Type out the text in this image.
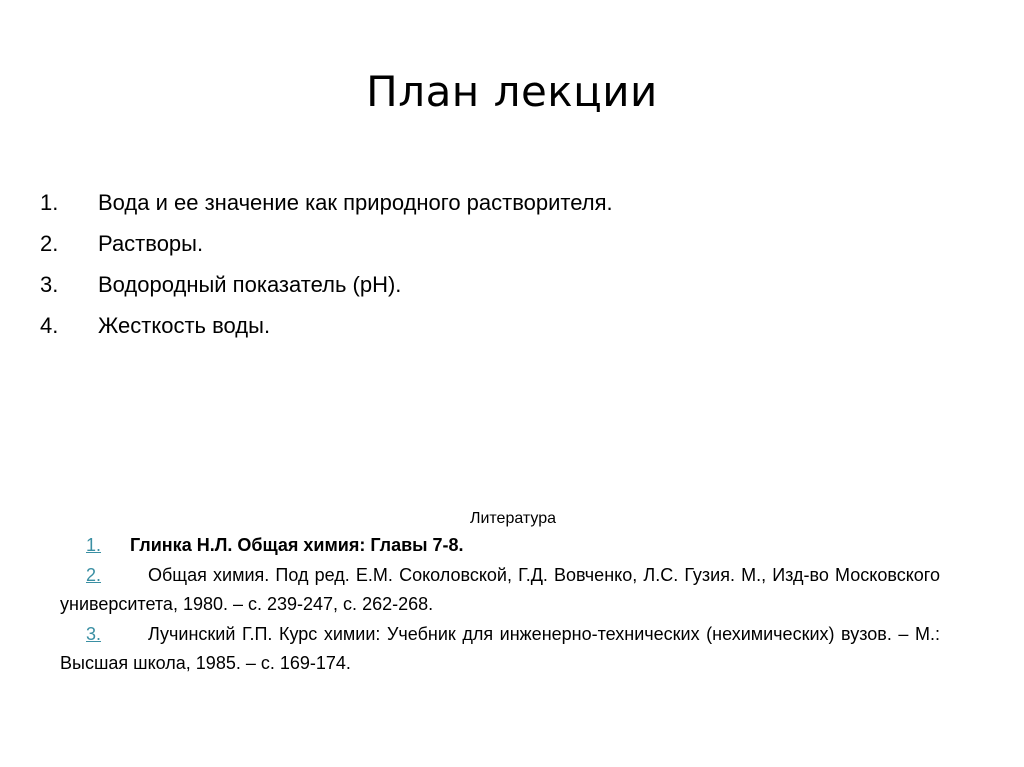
План лекции
1. Вода и ее значение как природного растворителя.
2. Растворы.
3. Водородный показатель (рН).
4. Жесткость воды.
Литература

1. Глинка Н.Л. Общая химия: Главы 7-8.

2.	Общая химия. Под ред. Е.М. Соколовской, Г.Д. Вовченко, Л.С. Гузия. М., Изд-во Московского университета, 1980. – с. 239-247, с. 262-268.

3.	Лучинский Г.П. Курс химии: Учебник для инженерно-технических (нехимических) вузов. – М.: Высшая школа, 1985. – с. 169-174.
